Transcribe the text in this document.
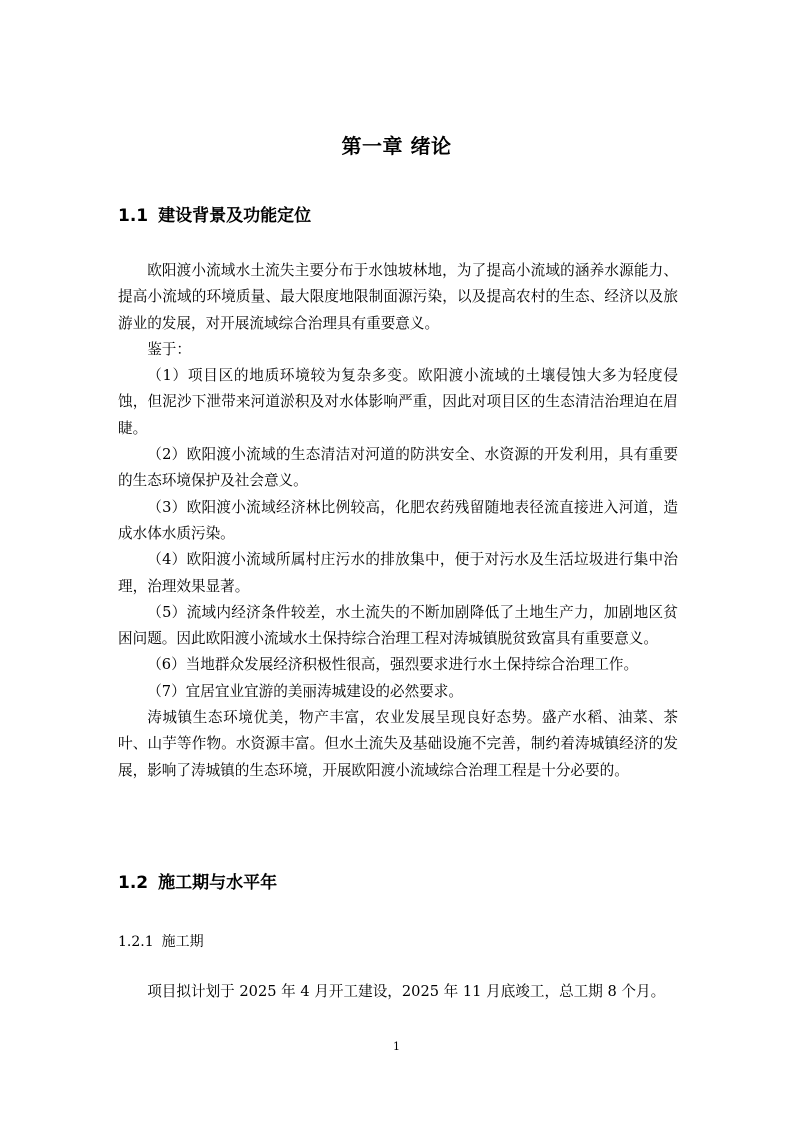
第一章 绪论
1.1 建设背景及功能定位

欧阳渡小流域水土流失主要分布于水蚀坡林地，为了提高小流域的涵养水源能力、提高小流域的环境质量、最大限度地限制面源污染，以及提高农村的生态、经济以及旅游业的发展，对开展流域综合治理具有重要意义。

鉴于：

（1）项目区的地质环境较为复杂多变。欧阳渡小流域的土壤侵蚀大多为轻度侵蚀，但泥沙下泄带来河道淤积及对水体影响严重，因此对项目区的生态清洁治理迫在眉睫。

（2）欧阳渡小流域的生态清洁对河道的防洪安全、水资源的开发利用，具有重要的生态环境保护及社会意义。

（3）欧阳渡小流域经济林比例较高，化肥农药残留随地表径流直接进入河道，造成水体水质污染。

（4）欧阳渡小流域所属村庄污水的排放集中，便于对污水及生活垃圾进行集中治理，治理效果显著。

（5）流域内经济条件较差，水土流失的不断加剧降低了土地生产力，加剧地区贫困问题。因此欧阳渡小流域水土保持综合治理工程对涛城镇脱贫致富具有重要意义。

（6）当地群众发展经济积极性很高，强烈要求进行水土保持综合治理工作。

（7）宜居宜业宜游的美丽涛城建设的必然要求。

涛城镇生态环境优美，物产丰富，农业发展呈现良好态势。盛产水稻、油菜、茶叶、山芋等作物。水资源丰富。但水土流失及基础设施不完善，制约着涛城镇经济的发展，影响了涛城镇的生态环境，开展欧阳渡小流域综合治理工程是十分必要的。

1.2 施工期与水平年
1.2.1 施工期

项目拟计划于 2025 年 4 月开工建设，2025 年 11 月底竣工，总工期 8 个月。

1
